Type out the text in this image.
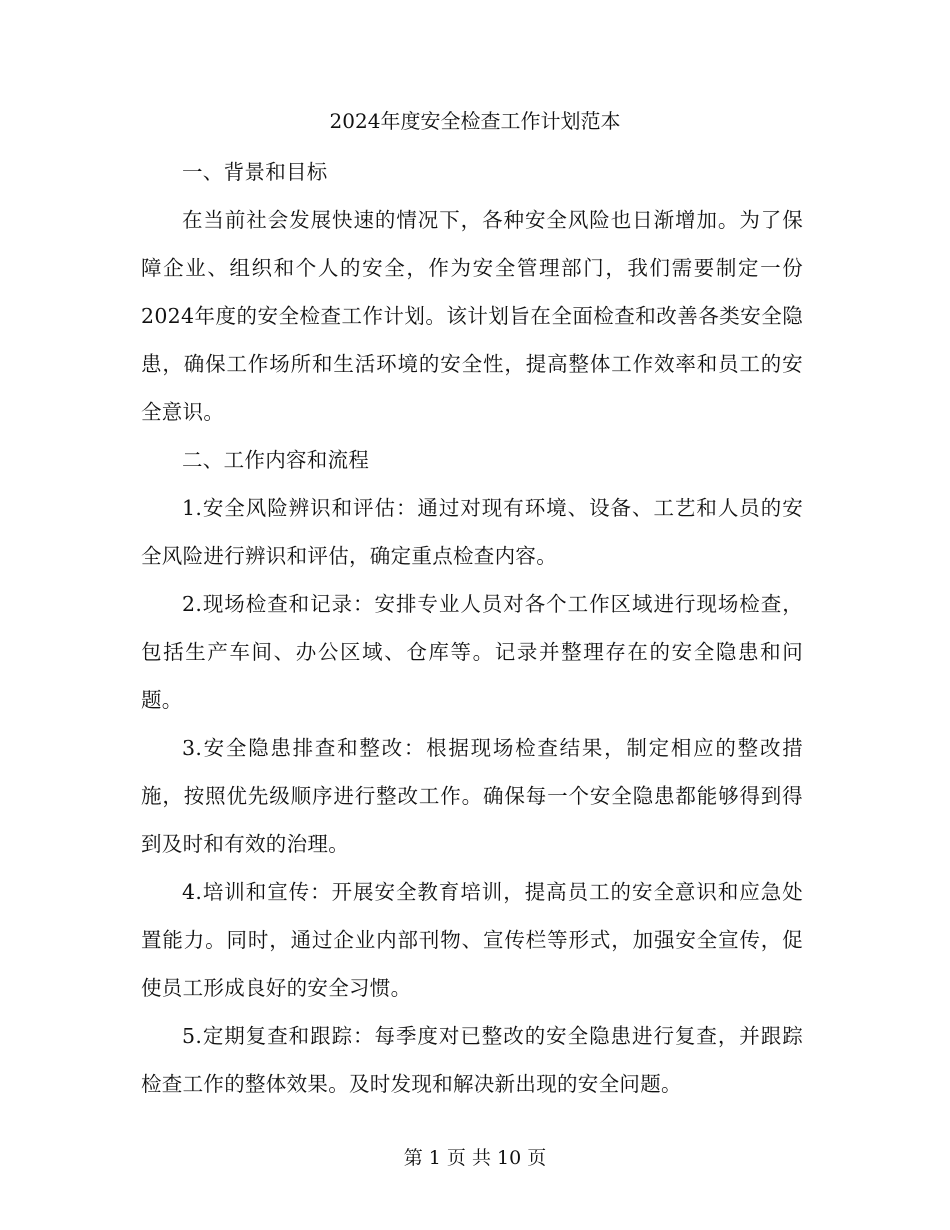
2024年度安全检查工作计划范本

一、背景和目标

在当前社会发展快速的情况下，各种安全风险也日渐增加。为了保障企业、组织和个人的安全，作为安全管理部门，我们需要制定一份 2024年度的安全检查工作计划。该计划旨在全面检查和改善各类安全隐患，确保工作场所和生活环境的安全性，提高整体工作效率和员工的安全意识。

二、工作内容和流程

1.安全风险辨识和评估：通过对现有环境、设备、工艺和人员的安全风险进行辨识和评估，确定重点检查内容。

2.现场检查和记录：安排专业人员对各个工作区域进行现场检查，包括生产车间、办公区域、仓库等。记录并整理存在的安全隐患和问题。

3.安全隐患排查和整改：根据现场检查结果，制定相应的整改措施，按照优先级顺序进行整改工作。确保每一个安全隐患都能够得到得到及时和有效的治理。

4.培训和宣传：开展安全教育培训，提高员工的安全意识和应急处置能力。同时，通过企业内部刊物、宣传栏等形式，加强安全宣传，促使员工形成良好的安全习惯。

5.定期复查和跟踪：每季度对已整改的安全隐患进行复查，并跟踪检查工作的整体效果。及时发现和解决新出现的安全问题。

第 1 页 共 10 页
